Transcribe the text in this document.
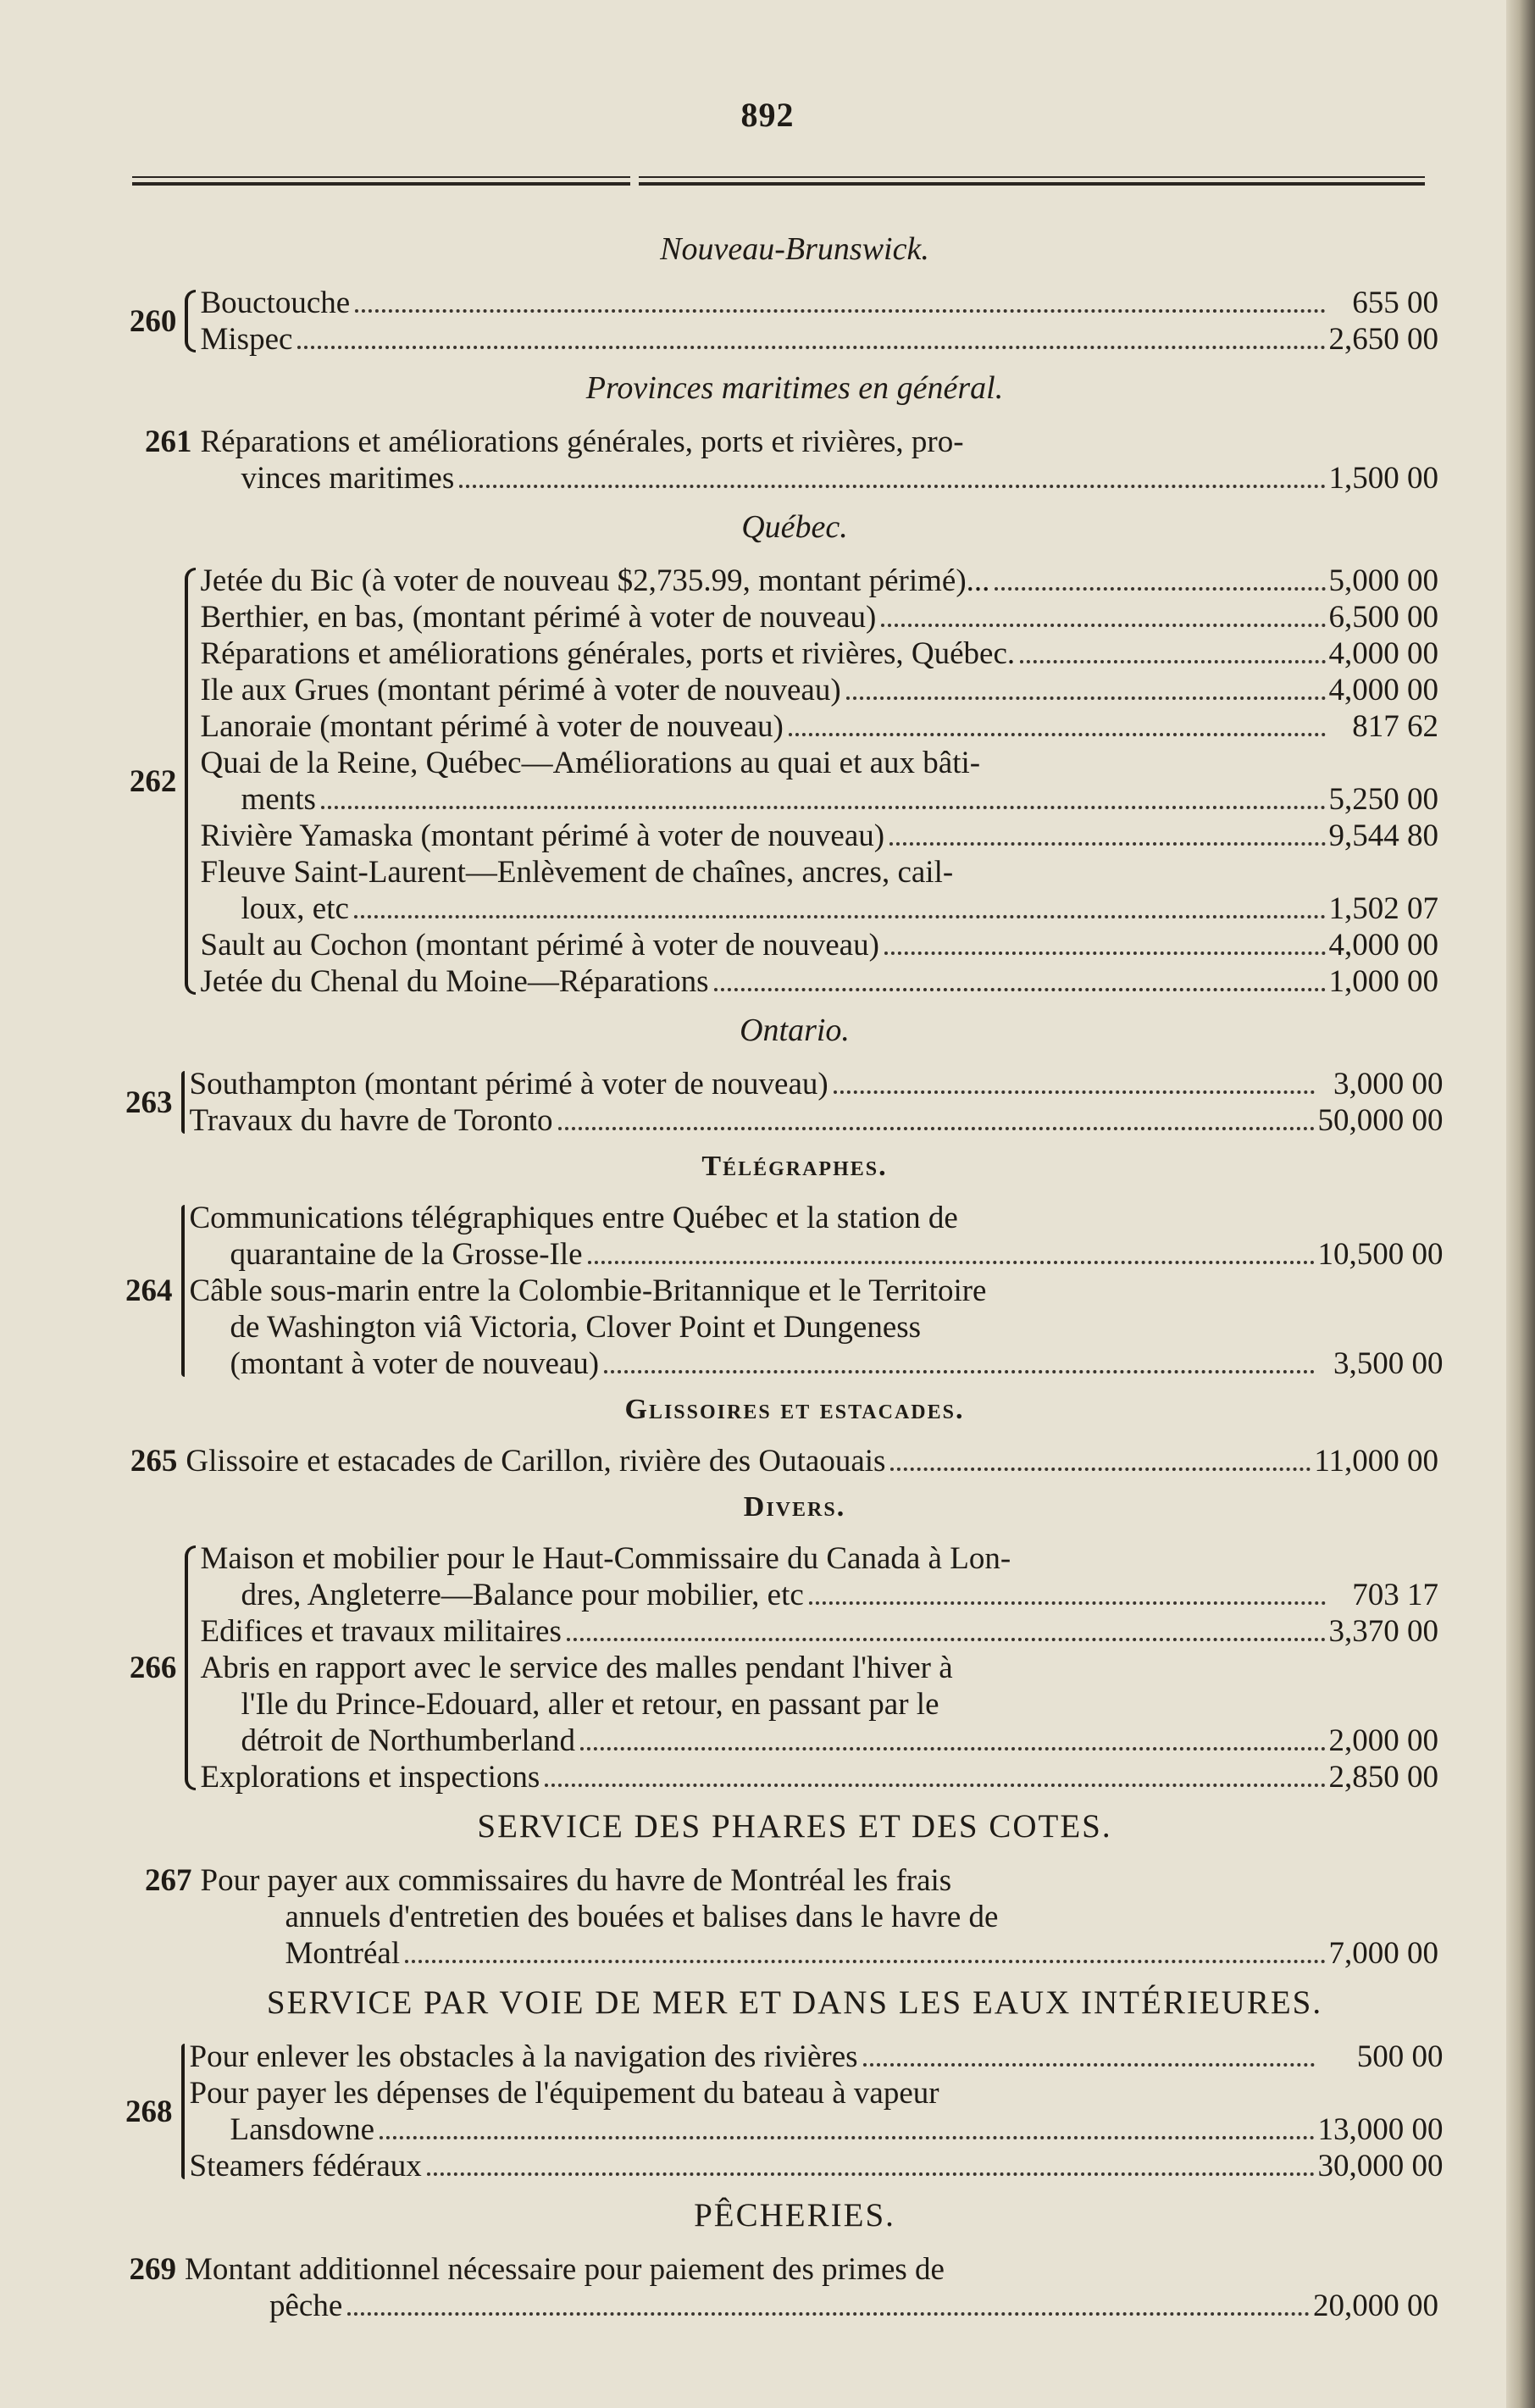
892
Nouveau-Brunswick.
260
Bouctouche	655 00
Mispec	2,650 00
Provinces maritimes en général.
261 Réparations et améliorations générales, ports et rivières, pro-
vinces maritimes	1,500 00
Québec.
262
Jetée du Bic (à voter de nouveau $2,735.99, montant périmé)...	5,000 00
Berthier, en bas, (montant périmé à voter de nouveau)	6,500 00
Réparations et améliorations générales, ports et rivières, Québec.	4,000 00
Ile aux Grues (montant périmé à voter de nouveau)	4,000 00
Lanoraie (montant périmé à voter de nouveau)	817 62
Quai de la Reine, Québec—Améliorations au quai et aux bâti-
ments	5,250 00
Rivière Yamaska (montant périmé à voter de nouveau)	9,544 80
Fleuve Saint-Laurent—Enlèvement de chaînes, ancres, cail-
loux, etc	1,502 07
Sault au Cochon (montant périmé à voter de nouveau)	4,000 00
Jetée du Chenal du Moine—Réparations	1,000 00
Ontario.
263
Southampton (montant périmé à voter de nouveau)	3,000 00
Travaux du havre de Toronto	50,000 00
Télégraphes.
264
Communications télégraphiques entre Québec et la station de
quarantaine de la Grosse-Ile	10,500 00
Câble sous-marin entre la Colombie-Britannique et le Territoire
de Washington viâ Victoria, Clover Point et Dungeness
(montant à voter de nouveau)	3,500 00
Glissoires et estacades.
265 Glissoire et estacades de Carillon, rivière des Outaouais	11,000 00
Divers.
266
Maison et mobilier pour le Haut-Commissaire du Canada à Lon-
dres, Angleterre—Balance pour mobilier, etc	703 17
Edifices et travaux militaires	3,370 00
Abris en rapport avec le service des malles pendant l'hiver à
l'Ile du Prince-Edouard, aller et retour, en passant par le
détroit de Northumberland	2,000 00
Explorations et inspections	2,850 00
SERVICE DES PHARES ET DES COTES.
267 Pour payer aux commissaires du havre de Montréal les frais
annuels d'entretien des bouées et balises dans le havre de
Montréal	7,000 00
SERVICE PAR VOIE DE MER ET DANS LES EAUX INTÉRIEURES.
268
Pour enlever les obstacles à la navigation des rivières	500 00
Pour payer les dépenses de l'équipement du bateau à vapeur
Lansdowne	13,000 00
Steamers fédéraux	30,000 00
PÊCHERIES.
269 Montant additionnel nécessaire pour paiement des primes de
pêche	20,000 00
